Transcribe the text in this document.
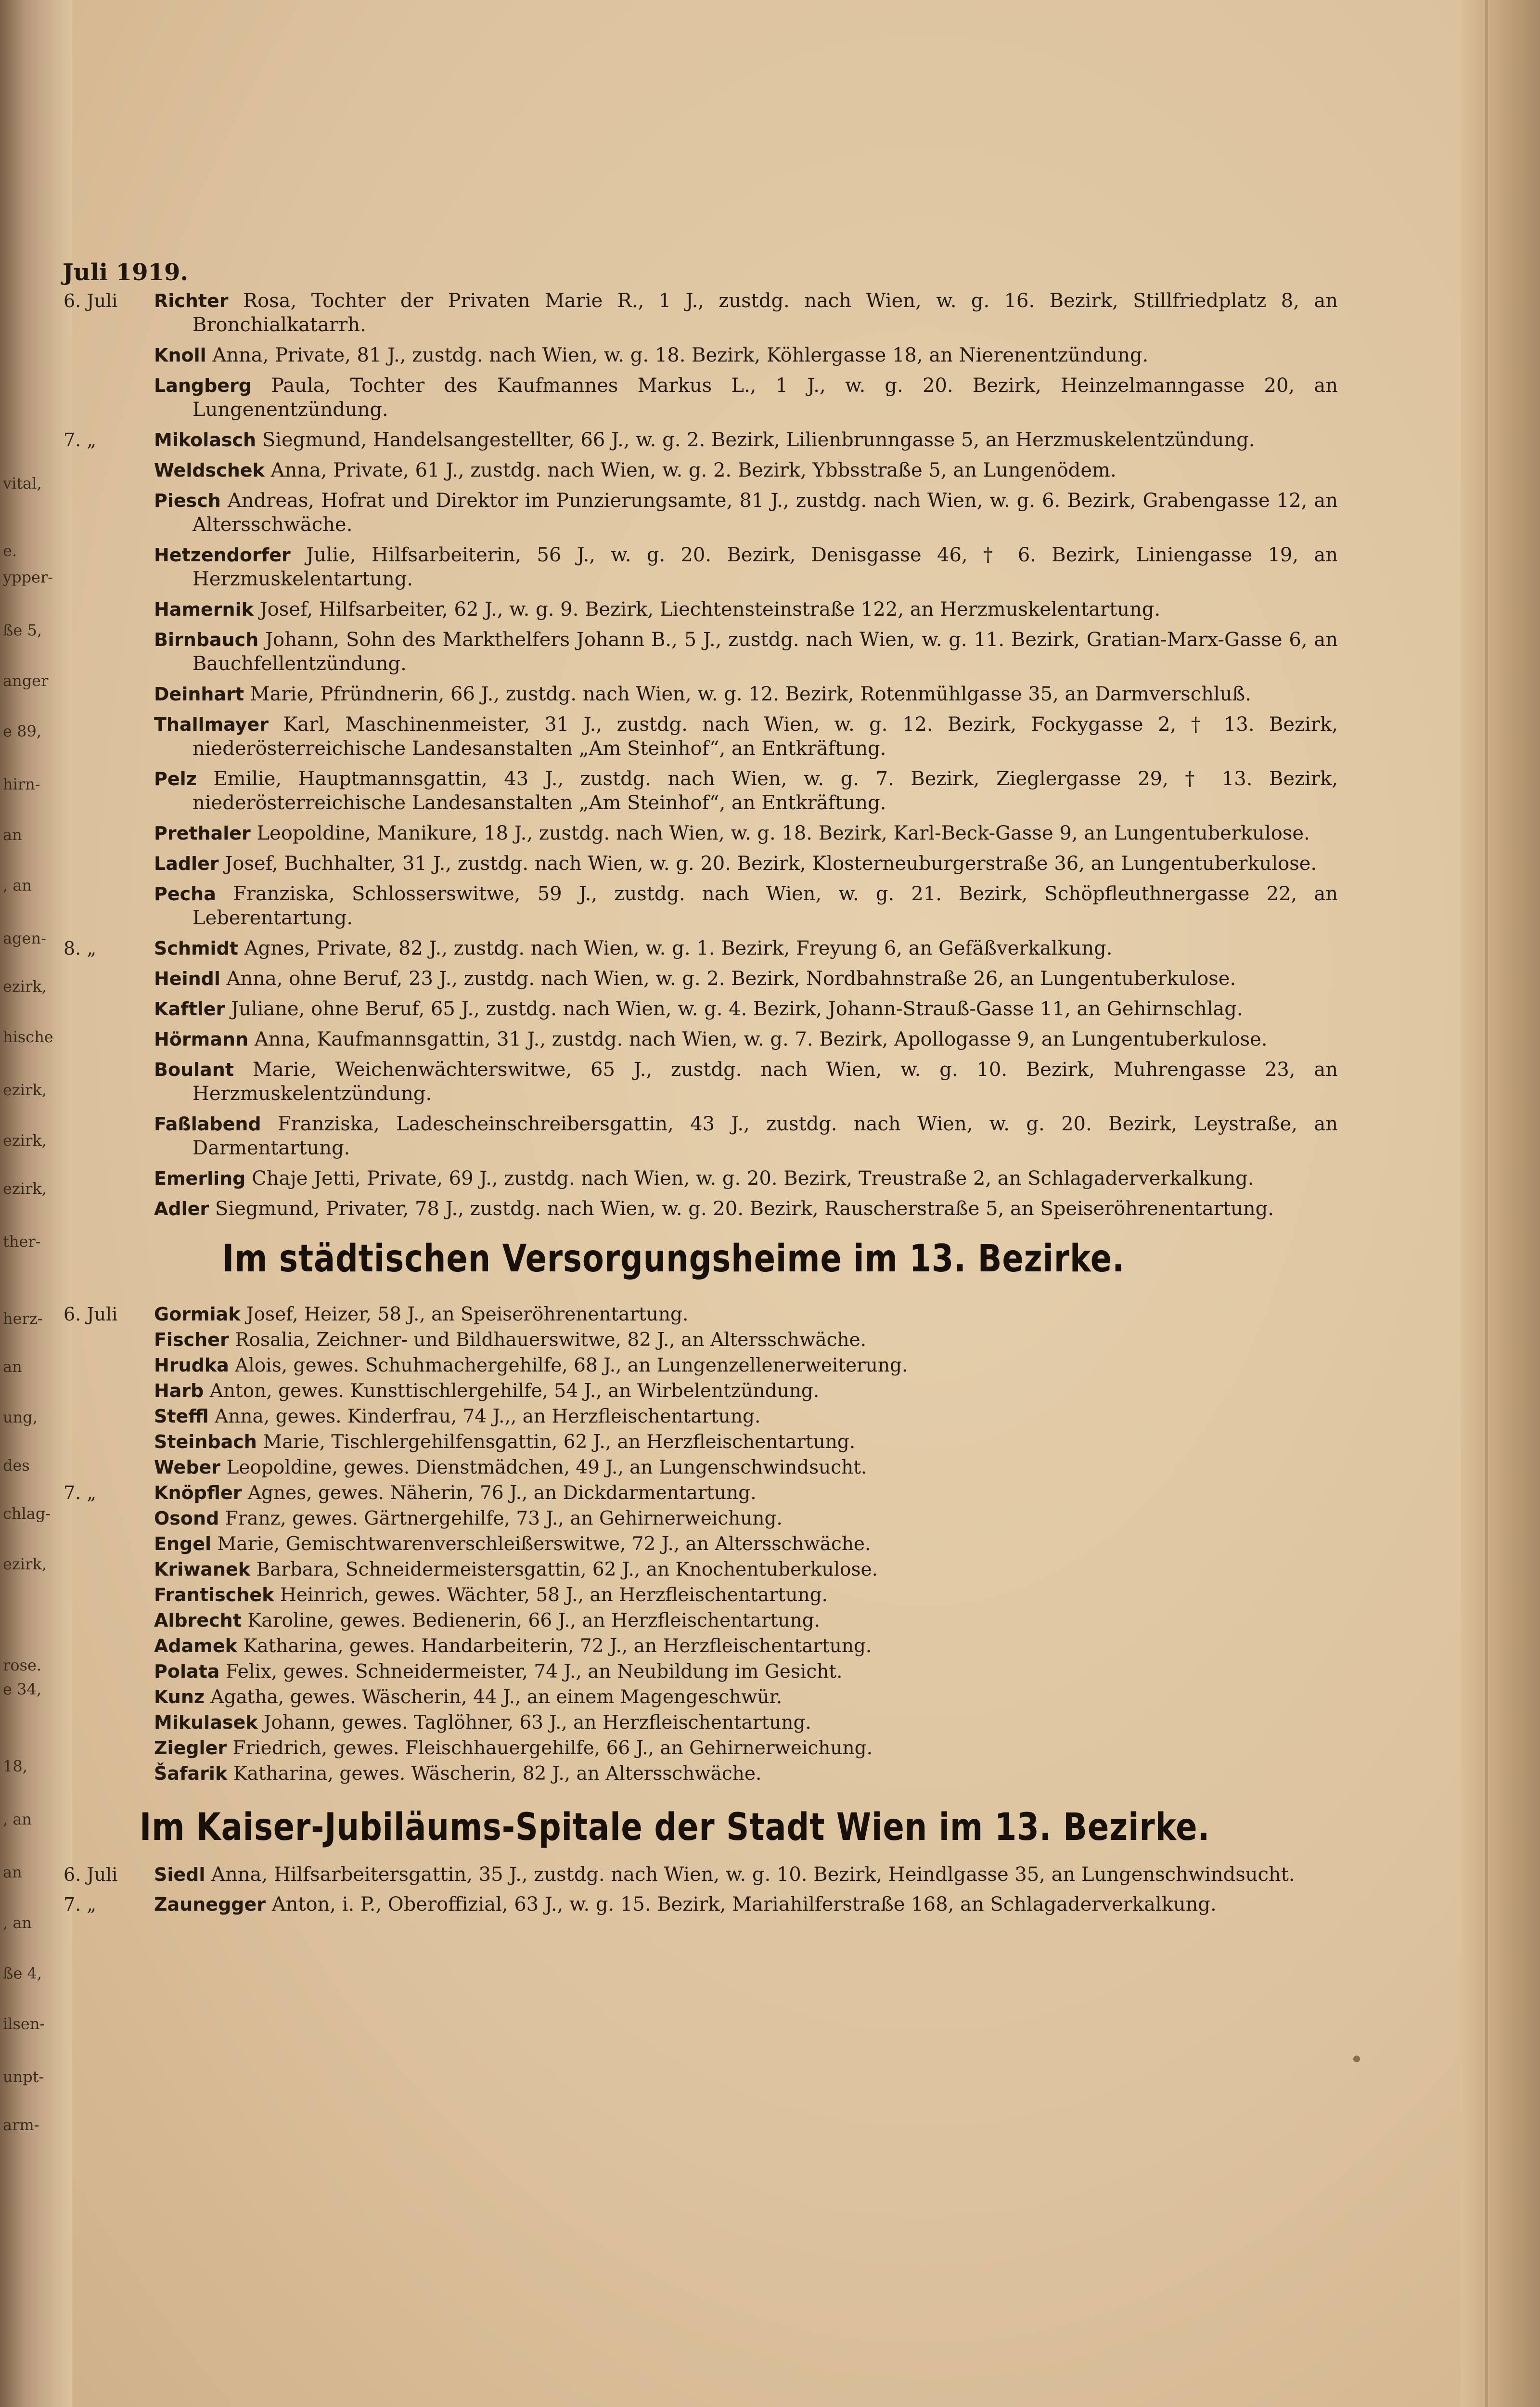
vital,
e.
ypper-
ße 5,
anger
e 89,
hirn-
an
, an
agen-
ezirk,
hische
ezirk,
ezirk,
ezirk,
ther-
herz-
an
ung,
des
chlag-
ezirk,
rose.
e 34,
18,
, an
an
, an
ße 4,
ilsen-
unpt-
arm-
Juli 1919.
6. Juli	Richter Rosa, Tochter der Privaten Marie R., 1 J., zustdg. nach Wien, w. g. 16. Bezirk, Stillfriedplatz 8, an Bronchialkatarrh.
Knoll Anna, Private, 81 J., zustdg. nach Wien, w. g. 18. Bezirk, Köhlergasse 18, an Nierenentzündung.
Langberg Paula, Tochter des Kaufmannes Markus L., 1 J., w. g. 20. Bezirk, Heinzelmanngasse 20, an Lungenentzündung.
7. „	Mikolasch Siegmund, Handelsangestellter, 66 J., w. g. 2. Bezirk, Lilienbrunngasse 5, an Herzmuskelentzündung.
Weldschek Anna, Private, 61 J., zustdg. nach Wien, w. g. 2. Bezirk, Ybbsstraße 5, an Lungenödem.
Piesch Andreas, Hofrat und Direktor im Punzierungsamte, 81 J., zustdg. nach Wien, w. g. 6. Bezirk, Grabengasse 12, an Altersschwäche.
Hetzendorfer Julie, Hilfsarbeiterin, 56 J., w. g. 20. Bezirk, Denisgasse 46, † 6. Bezirk, Liniengasse 19, an Herzmuskelentartung.
Hamernik Josef, Hilfsarbeiter, 62 J., w. g. 9. Bezirk, Liechtensteinstraße 122, an Herzmuskelentartung.
Birnbauch Johann, Sohn des Markthelfers Johann B., 5 J., zustdg. nach Wien, w. g. 11. Bezirk, Gratian-Marx-Gasse 6, an Bauchfellentzündung.
Deinhart Marie, Pfründnerin, 66 J., zustdg. nach Wien, w. g. 12. Bezirk, Rotenmühlgasse 35, an Darmverschluß.
Thallmayer Karl, Maschinenmeister, 31 J., zustdg. nach Wien, w. g. 12. Bezirk, Fockygasse 2, † 13. Bezirk, niederösterreichische Landesanstalten „Am Steinhof“, an Entkräftung.
Pelz Emilie, Hauptmannsgattin, 43 J., zustdg. nach Wien, w. g. 7. Bezirk, Zieglergasse 29, † 13. Bezirk, niederösterreichische Landesanstalten „Am Steinhof“, an Entkräftung.
Prethaler Leopoldine, Manikure, 18 J., zustdg. nach Wien, w. g. 18. Bezirk, Karl-Beck-Gasse 9, an Lungentuberkulose.
Ladler Josef, Buchhalter, 31 J., zustdg. nach Wien, w. g. 20. Bezirk, Klosterneuburgerstraße 36, an Lungentuberkulose.
Pecha Franziska, Schlosserswitwe, 59 J., zustdg. nach Wien, w. g. 21. Bezirk, Schöpfleuthnergasse 22, an Leberentartung.
8. „	Schmidt Agnes, Private, 82 J., zustdg. nach Wien, w. g. 1. Bezirk, Freyung 6, an Gefäßverkalkung.
Heindl Anna, ohne Beruf, 23 J., zustdg. nach Wien, w. g. 2. Bezirk, Nordbahnstraße 26, an Lungentuberkulose.
Kaftler Juliane, ohne Beruf, 65 J., zustdg. nach Wien, w. g. 4. Bezirk, Johann-Strauß-Gasse 11, an Gehirnschlag.
Hörmann Anna, Kaufmannsgattin, 31 J., zustdg. nach Wien, w. g. 7. Bezirk, Apollogasse 9, an Lungentuberkulose.
Boulant Marie, Weichenwächterswitwe, 65 J., zustdg. nach Wien, w. g. 10. Bezirk, Muhrengasse 23, an Herzmuskelentzündung.
Faßlabend Franziska, Ladescheinschreibersgattin, 43 J., zustdg. nach Wien, w. g. 20. Bezirk, Leystraße, an Darmentartung.
Emerling Chaje Jetti, Private, 69 J., zustdg. nach Wien, w. g. 20. Bezirk, Treustraße 2, an Schlagaderverkalkung.
Adler Siegmund, Privater, 78 J., zustdg. nach Wien, w. g. 20. Bezirk, Rauscherstraße 5, an Speiseröhrenentartung.
Im städtischen Versorgungsheime im 13. Bezirke.
6. Juli	Gormiak Josef, Heizer, 58 J., an Speiseröhrenentartung.
Fischer Rosalia, Zeichner- und Bildhauerswitwe, 82 J., an Altersschwäche.
Hrudka Alois, gewes. Schuhmachergehilfe, 68 J., an Lungenzellenerweiterung.
Harb Anton, gewes. Kunsttischlergehilfe, 54 J., an Wirbelentzündung.
Steffl Anna, gewes. Kinderfrau, 74 J.,, an Herzfleischentartung.
Steinbach Marie, Tischlergehilfensgattin, 62 J., an Herzfleischentartung.
Weber Leopoldine, gewes. Dienstmädchen, 49 J., an Lungenschwindsucht.
7. „	Knöpfler Agnes, gewes. Näherin, 76 J., an Dickdarmentartung.
Osond Franz, gewes. Gärtnergehilfe, 73 J., an Gehirnerweichung.
Engel Marie, Gemischtwarenverschleißerswitwe, 72 J., an Altersschwäche.
Kriwanek Barbara, Schneidermeistersgattin, 62 J., an Knochentuberkulose.
Frantischek Heinrich, gewes. Wächter, 58 J., an Herzfleischentartung.
Albrecht Karoline, gewes. Bedienerin, 66 J., an Herzfleischentartung.
Adamek Katharina, gewes. Handarbeiterin, 72 J., an Herzfleischentartung.
Polata Felix, gewes. Schneidermeister, 74 J., an Neubildung im Gesicht.
Kunz Agatha, gewes. Wäscherin, 44 J., an einem Magengeschwür.
Mikulasek Johann, gewes. Taglöhner, 63 J., an Herzfleischentartung.
Ziegler Friedrich, gewes. Fleischhauergehilfe, 66 J., an Gehirnerweichung.
Šafarik Katharina, gewes. Wäscherin, 82 J., an Altersschwäche.
Im Kaiser-Jubiläums-Spitale der Stadt Wien im 13. Bezirke.
6. Juli	Siedl Anna, Hilfsarbeitersgattin, 35 J., zustdg. nach Wien, w. g. 10. Bezirk, Heindlgasse 35, an Lungenschwindsucht.
7. „	Zaunegger Anton, i. P., Oberoffizial, 63 J., w. g. 15. Bezirk, Mariahilferstraße 168, an Schlagaderverkalkung.
